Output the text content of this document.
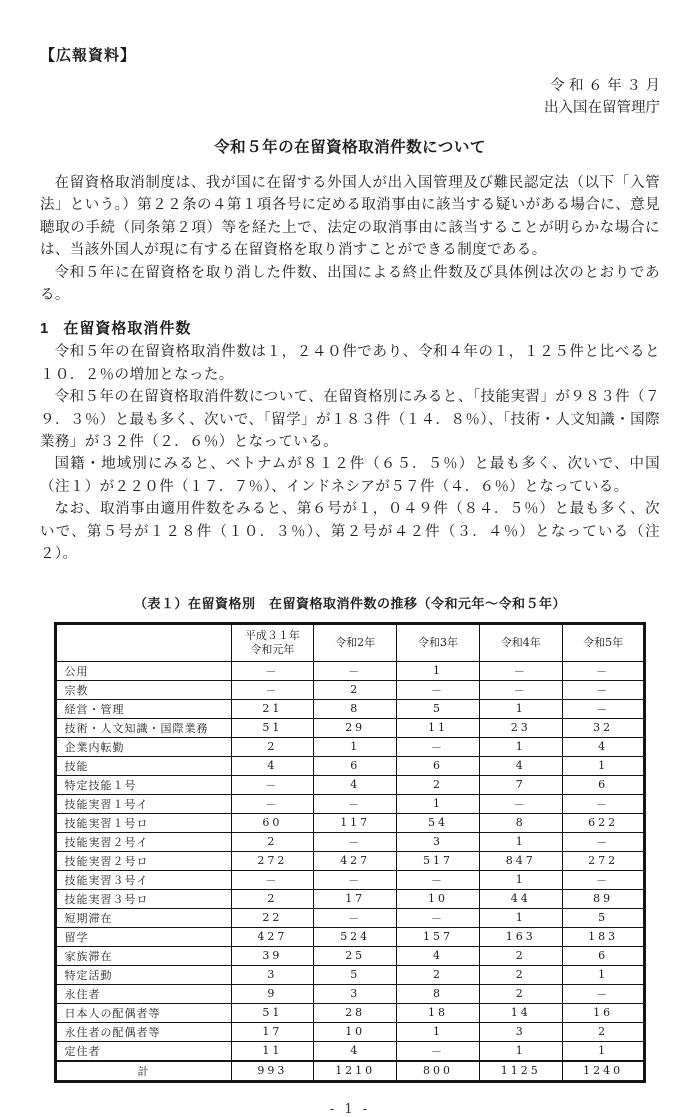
【広報資料】
令 和 ６ 年 ３ 月
出入国在留管理庁
令和５年の在留資格取消件数について

在留資格取消制度は、我が国に在留する外国人が出入国管理及び難民認定法（以下「入管法」という。）第２２条の４第１項各号に定める取消事由に該当する疑いがある場合に、意見聴取の手続（同条第２項）等を経た上で、法定の取消事由に該当することが明らかな場合には、当該外国人が現に有する在留資格を取り消すことができる制度である。

令和５年に在留資格を取り消した件数、出国による終止件数及び具体例は次のとおりである。

1 在留資格取消件数

令和５年の在留資格取消件数は１，２４０件であり、令和４年の１，１２５件と比べると１０．２％の増加となった。

令和５年の在留資格取消件数について、在留資格別にみると、「技能実習」が９８３件（７９．３％）と最も多く、次いで、「留学」が１８３件（１４．８％）、「技術・人文知識・国際業務」が３２件（２．６％）となっている。

国籍・地域別にみると、ベトナムが８１２件（６５．５％）と最も多く、次いで、中国（注１）が２２０件（１７．７％）、インドネシアが５７件（４．６％）となっている。

なお、取消事由適用件数をみると、第６号が１，０４９件（８４．５％）と最も多く、次いで、第５号が１２８件（１０．３％）、第２号が４２件（３．４％）となっている（注２）。

（表１）在留資格別　在留資格取消件数の推移（令和元年～令和５年）

	平成３１年
令和元年	令和2年	令和3年	令和4年	令和5年

公用	－	－	1	－	－
宗教	－	2	－	－	－
経営・管理	21	8	5	1	－
技術・人文知識・国際業務	51	29	11	23	32
企業内転勤	2	1	－	1	4
技能	4	6	6	4	1
特定技能１号	－	4	2	7	6
技能実習１号イ	－	－	1	－	－
技能実習１号ロ	60	117	54	8	622
技能実習２号イ	2	－	3	1	－
技能実習２号ロ	272	427	517	847	272
技能実習３号イ	－	－	－	1	－
技能実習３号ロ	2	17	10	44	89
短期滞在	22	－	－	1	5
留学	427	524	157	163	183
家族滞在	39	25	4	2	6
特定活動	3	5	2	2	1
永住者	9	3	8	2	－
日本人の配偶者等	51	28	18	14	16
永住者の配偶者等	17	10	1	3	2
定住者	11	4	－	1	1
計	993	1210	800	1125	1240
- 1 -
